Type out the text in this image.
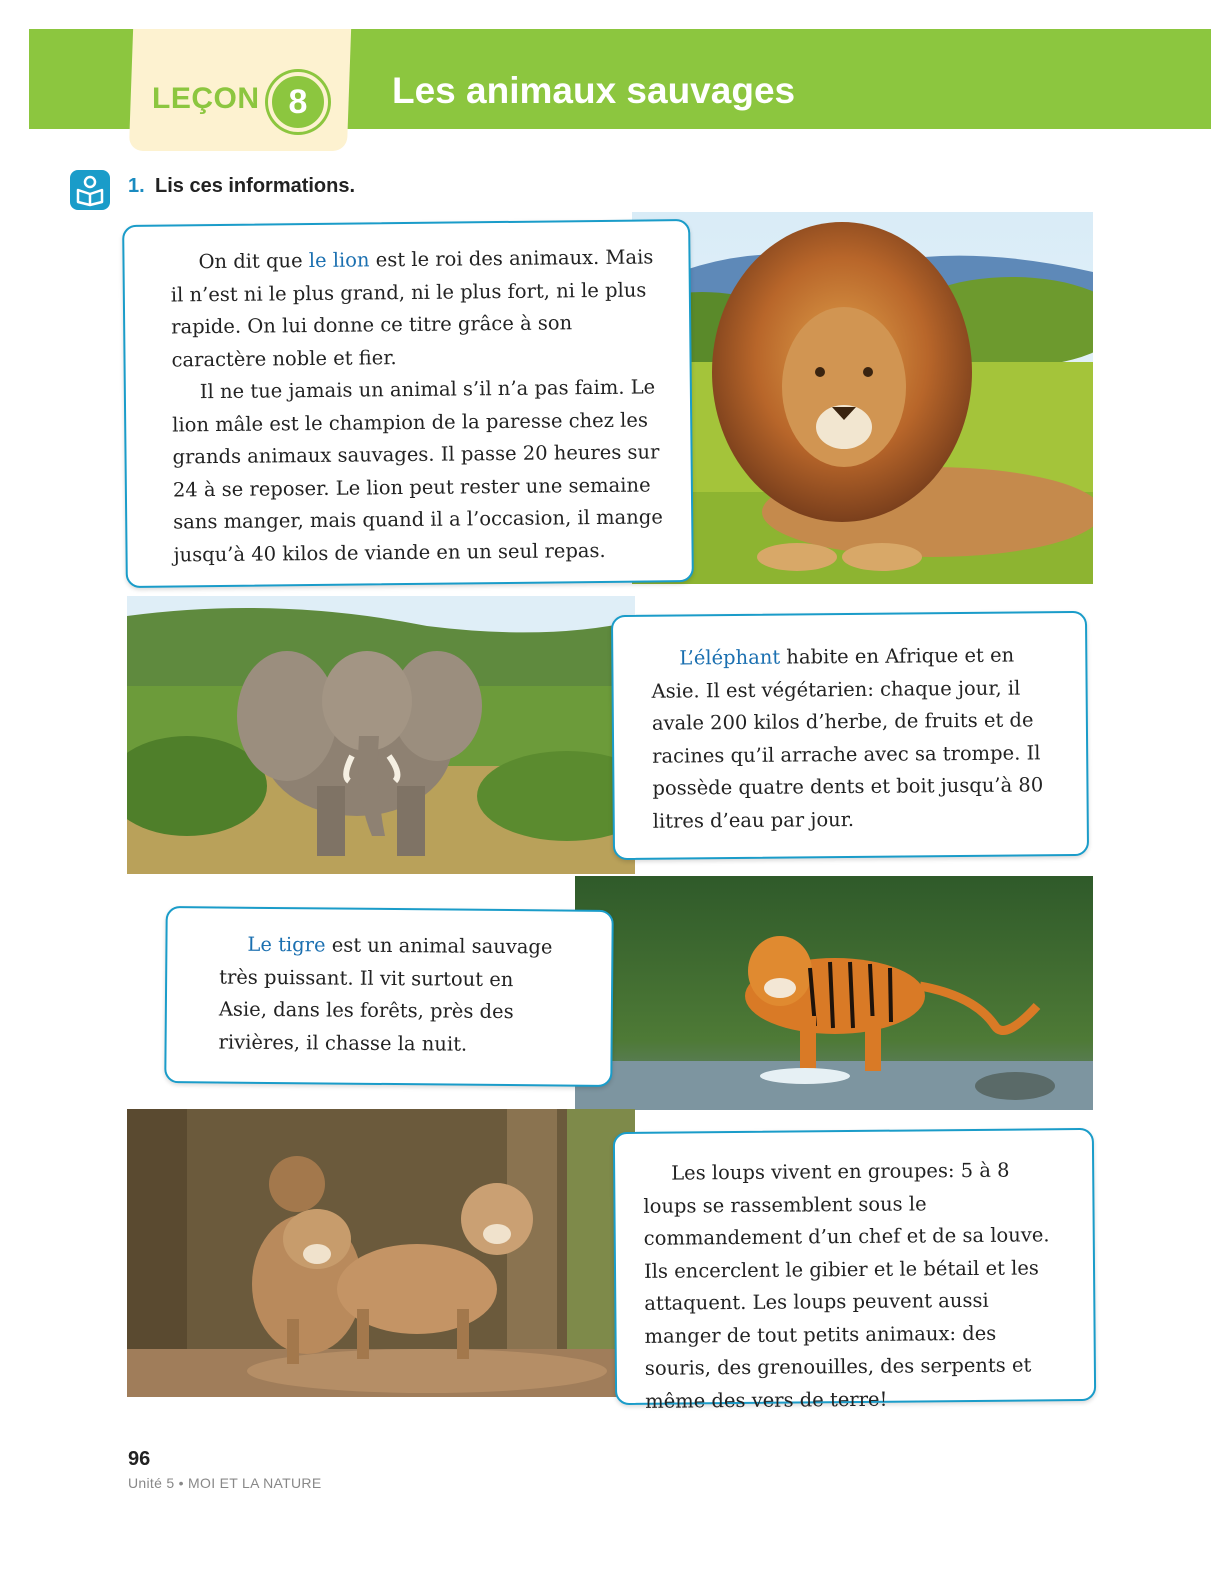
LEÇON 8	Les animaux sauvages
1. Lis ces informations.

On dit que le lion est le roi des animaux. Mais il n’est ni le plus grand, ni le plus fort, ni le plus rapide. On lui donne ce titre grâce à son caractère noble et fier.

Il ne tue jamais un animal s’il n’a pas faim. Le lion mâle est le champion de la paresse chez les grands animaux sauvages. Il passe 20 heures sur 24 à se reposer. Le lion peut rester une semaine sans manger, mais quand il a l’occasion, il mange jusqu’à 40 kilos de viande en un seul repas.

L’éléphant habite en Afrique et en Asie. Il est végétarien: chaque jour, il avale 200 kilos d’herbe, de fruits et de racines qu’il arrache avec sa trompe. Il possède quatre dents et boit jusqu’à 80 litres d’eau par jour.

Le tigre est un animal sauvage très puissant. Il vit surtout en Asie, dans les forêts, près des rivières, il chasse la nuit.

Les loups vivent en groupes: 5 à 8 loups se rassemblent sous le commandement d’un chef et de sa louve. Ils encerclent le gibier et le bétail et les attaquent. Les loups peuvent aussi manger de tout petits animaux: des souris, des grenouilles, des serpents et même des vers de terre!

96
Unité 5 • MOI ET LA NATURE
